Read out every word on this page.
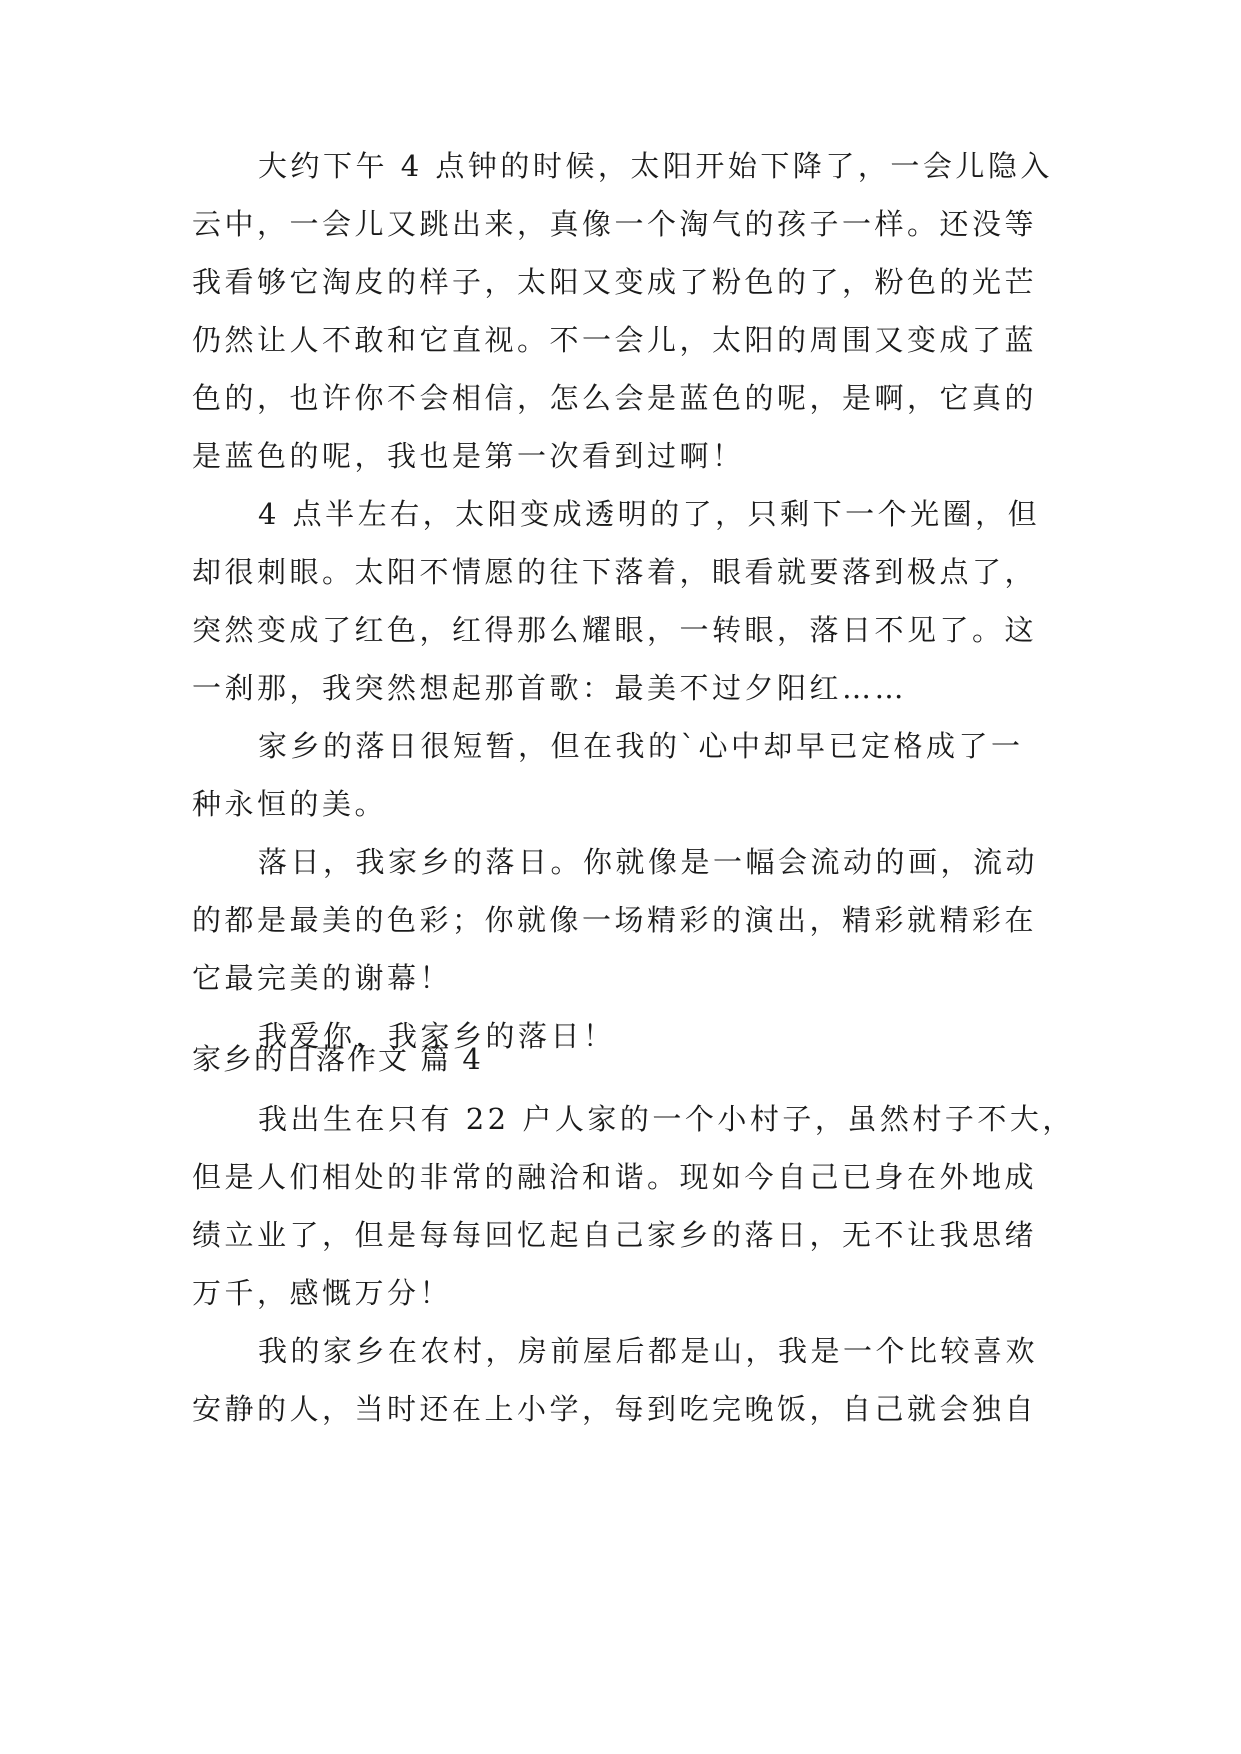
大约下午 4 点钟的时候，太阳开始下降了，一会儿隐入
云中，一会儿又跳出来，真像一个淘气的孩子一样。还没等
我看够它淘皮的样子，太阳又变成了粉色的了，粉色的光芒
仍然让人不敢和它直视。不一会儿，太阳的周围又变成了蓝
色的，也许你不会相信，怎么会是蓝色的呢，是啊，它真的
是蓝色的呢，我也是第一次看到过啊！
4 点半左右，太阳变成透明的了，只剩下一个光圈，但
却很刺眼。太阳不情愿的往下落着，眼看就要落到极点了，
突然变成了红色，红得那么耀眼，一转眼，落日不见了。这
一刹那，我突然想起那首歌：最美不过夕阳红……
家乡的落日很短暂，但在我的`心中却早已定格成了一
种永恒的美。
落日，我家乡的落日。你就像是一幅会流动的画，流动
的都是最美的色彩；你就像一场精彩的演出，精彩就精彩在
它最完美的谢幕！
我爱你，我家乡的落日！
家乡的日落作文 篇 4
我出生在只有 22 户人家的一个小村子，虽然村子不大，
但是人们相处的非常的融洽和谐。现如今自己已身在外地成
绩立业了，但是每每回忆起自己家乡的落日，无不让我思绪
万千，感慨万分！
我的家乡在农村，房前屋后都是山，我是一个比较喜欢
安静的人，当时还在上小学，每到吃完晚饭，自己就会独自
